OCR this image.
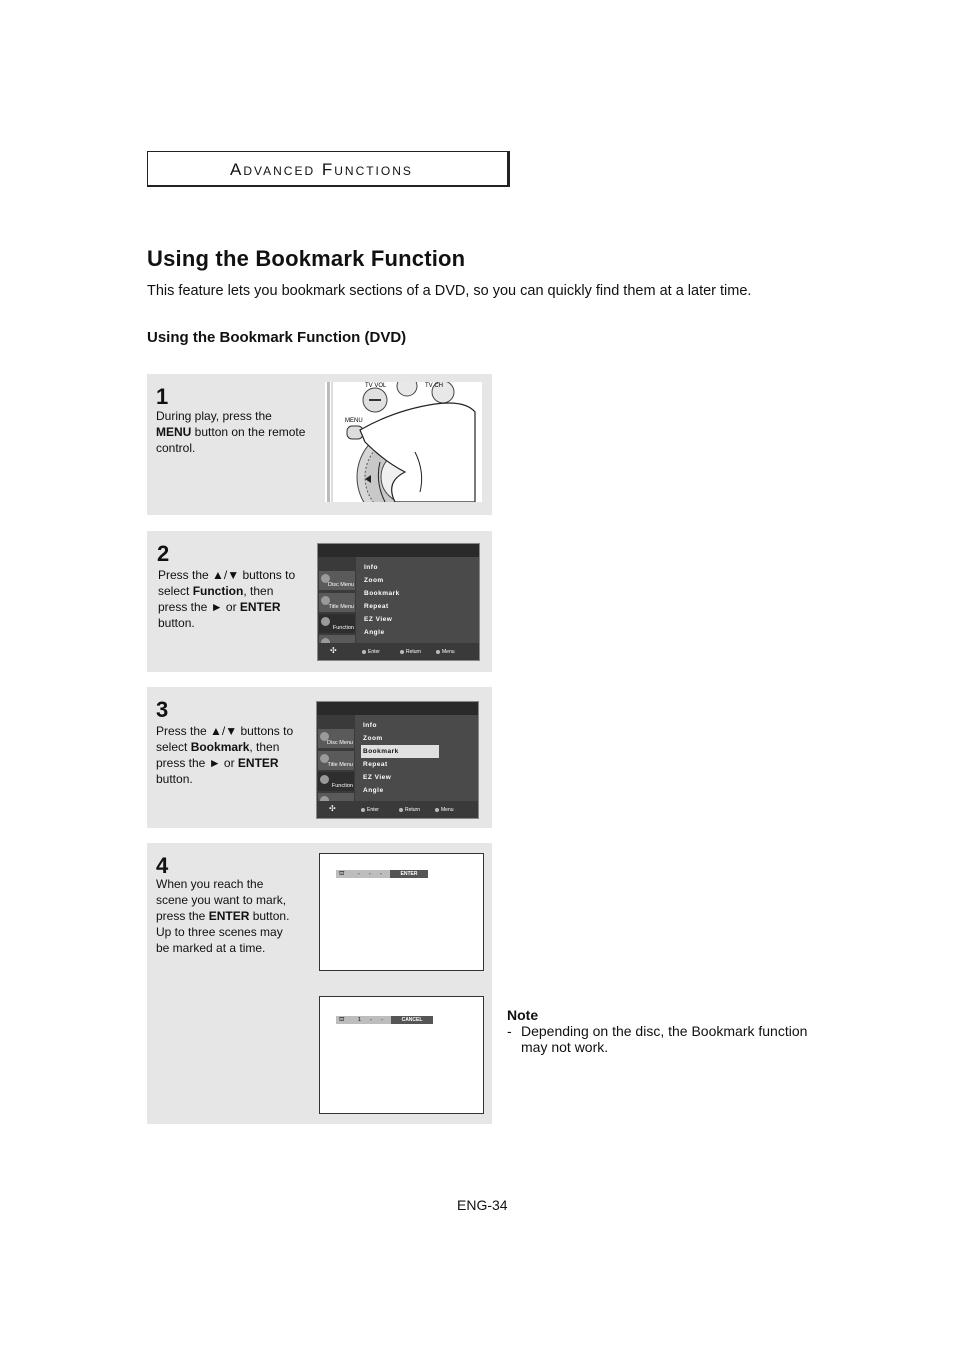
Advanced Functions
Using the Bookmark Function
This feature lets you bookmark sections of a DVD, so you can quickly find them at a later time.
Using the Bookmark Function (DVD)
1
During play, press the MENU button on the remote control.
TV VOL	TV CH
MENU
2
Press the ▲/▼ buttons to select Function, then press the ► or ENTER button.
Disc Menu
Title Menu
Function
Info
Zoom
Bookmark
Repeat
EZ View
Angle
✣	Enter	Return	Menu
3
Press the ▲/▼ buttons to select Bookmark, then press the ► or ENTER button.
Disc Menu
Title Menu
Function
Info
Zoom
Bookmark
Repeat
EZ View
Angle
✣	Enter	Return	Menu
4
When you reach the scene you want to mark, press the ENTER button. Up to three scenes may be marked at a time.
⛫	- - -	ENTER
⛫	1 - -	CANCEL	Note
- Depending on the disc, the Bookmark function may not work.
ENG-34
